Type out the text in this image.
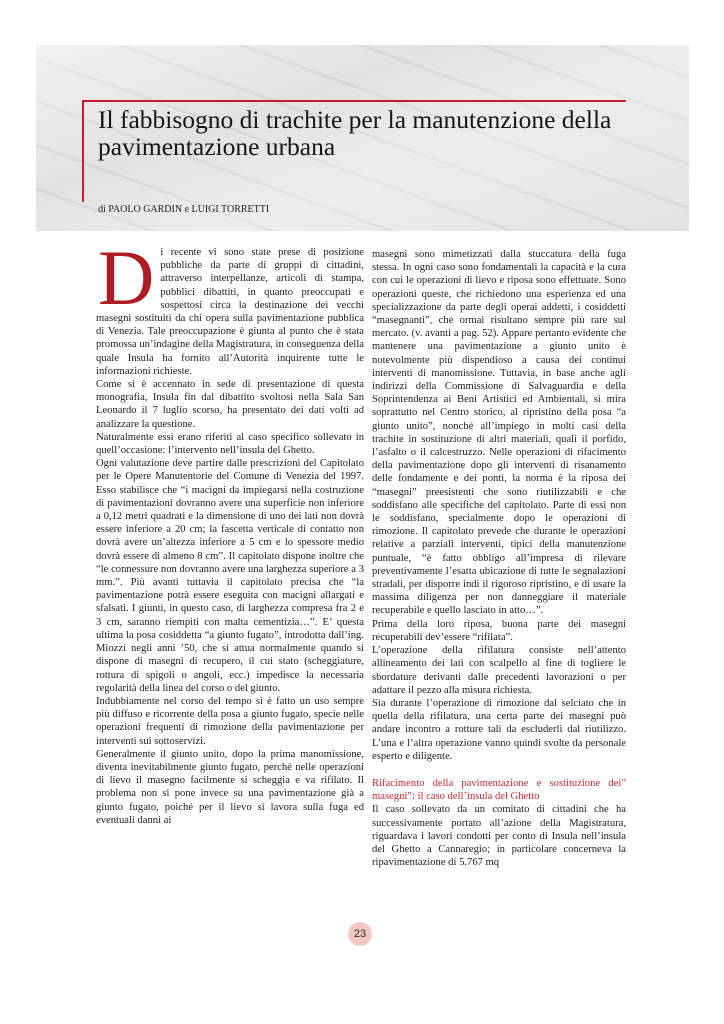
Il fabbisogno di trachite per la manutenzione della pavimentazione urbana
di PAOLO GARDIN e LUIGI TORRETTI
D i recente vi sono state prese di posizione pubbliche da parte di gruppi di cittadini, attraverso interpellanze, articoli di stampa, pubblici dibattiti, in quanto preoccupati e sospettosi circa la destinazione dei vecchi masegni sostituiti da chi opera sulla pavimentazione pubblica di Venezia. Tale preoccupazione è giunta al punto che è stata promossa un’indagine della Magistratura, in conseguenza della quale Insula ha fornito all’Autorità inquirente tutte le informazioni richieste.

Come si è accennato in sede di presentazione di questa monografia, Insula fin dal dibattito svoltosi nella Sala San Leonardo il 7 luglio scorso, ha presentato dei dati volti ad analizzare la questione.

Naturalmente essi erano riferiti al caso specifico sollevato in quell’occasione: l’intervento nell’insula del Ghetto.

Ogni valutazione deve partire dalle prescrizioni del Capitolato per le Opere Manutentorie del Comune di Venezia del 1997. Esso stabilisce che “i macigni da impiegarsi nella costruzione di pavimentazioni dovranno avere una superficie non inferiore a 0,12 metri quadrati e la dimensione di uno dei lati non dovrà essere inferiore a 20 cm; la fascetta verticale di contatto non dovrà avere un’altezza inferiore a 5 cm e lo spessore medio dovrà essere di almeno 8 cm”. Il capitolato dispone inoltre che “le connessure non dovranno avere una larghezza superiore a 3 mm.”. Più avanti tuttavia il capitolato precisa che “la pavimentazione potrà essere eseguita con macigni allargati e sfalsati. I giunti, in questo caso, di larghezza compresa fra 2 e 3 cm, saranno riempiti con malta cementizia…”. E’ questa ultima la posa cosiddetta “a giunto fugato”, introdotta dall’ing. Miozzi negli anni ’50, che si attua normalmente quando si dispone di masegni di recupero, il cui stato (scheggiature, rottura di spigoli o angoli, ecc.) impedisce la necessaria regolarità della linea del corso o del giunto.

Indubbiamente nel corso del tempo si è fatto un uso sempre più diffuso e ricorrente della posa a giunto fugato, specie nelle operazioni frequenti di rimozione della pavimentazione per interventi sui sottoservizi.

Generalmente il giunto unito, dopo la prima manomissione, diventa inevitabilmente giunto fugato, perché nelle operazioni di lievo il masegno facilmente si scheggia e va rifilato. Il problema non si pone invece su una pavimentazione già a giunto fugato, poiché per il lievo si lavora sulla fuga ed eventuali danni ai

masegni sono mimetizzati dalla stuccatura della fuga stessa. In ogni caso sono fondamentali la capacità e la cura con cui le operazioni di lievo e riposa sono effettuate. Sono operazioni queste, che richiedono una esperienza ed una specializzazione da parte degli operai addetti, i cosiddetti “masegnanti”, che ormai risultano sempre più rare sul mercato. (v. avanti a pag. 52). Appare pertanto evidente che mantenere una pavimentazione a giunto unito è notevolmente più dispendioso a causa dei continui interventi di manomissione. Tuttavia, in base anche agli indirizzi della Commissione di Salvaguardia e della Soprintendenza ai Beni Artistici ed Ambientali, si mira soprattutto nel Centro storico, al ripristino della posa “a giunto unito”, nonché all’impiego in molti casi della trachite in sostituzione di altri materiali, quali il porfido, l’asfalto o il calcestruzzo. Nelle operazioni di rifacimento della pavimentazione dopo gli interventi di risanamento delle fondamente e dei ponti, la norma è la riposa dei “masegni” preesistenti che sono riutilizzabili e che soddisfano alle specifiche del capitolato. Parte di essi non le soddisfano, specialmente dopo le operazioni di rimozione. Il capitolato prevede che durante le operazioni relative a parziali interventi, tipici della manutenzione puntuale, “è fatto obbligo all’impresa di rilevare preventivamente l’esatta ubicazione di tutte le segnalazioni stradali, per disporre indi il rigoroso ripristino, e di usare la massima diligenza per non danneggiare il materiale recuperabile e quello lasciato in atto…”.

Prima della loro riposa, buona parte dei masegni recuperabili dev’essere “rifilata”.

L’operazione della rifilatura consiste nell’attento allineamento dei lati con scalpello al fine di togliere le sbordature derivanti dalle precedenti lavorazioni o per adattare il pezzo alla misura richiesta.

Sia durante l’operazione di rimozione dal selciato che in quella della rifilatura, una certa parte dei masegni può andare incontro a rotture tali da escluderli dal riutilizzo. L’una e l’altra operazione vanno quindi svolte da personale esperto e diligente.

Rifacimento della pavimentazione e sostituzione dei” masegni”: il caso dell’insula del Ghetto

Il caso sollevato da un comitato di cittadini che ha successivamente portato all’azione della Magistratura, riguardava i lavori condotti per conto di Insula nell’insula del Ghetto a Cannaregio; in particolare concerneva la ripavimentazione di 5.767 mq

23
